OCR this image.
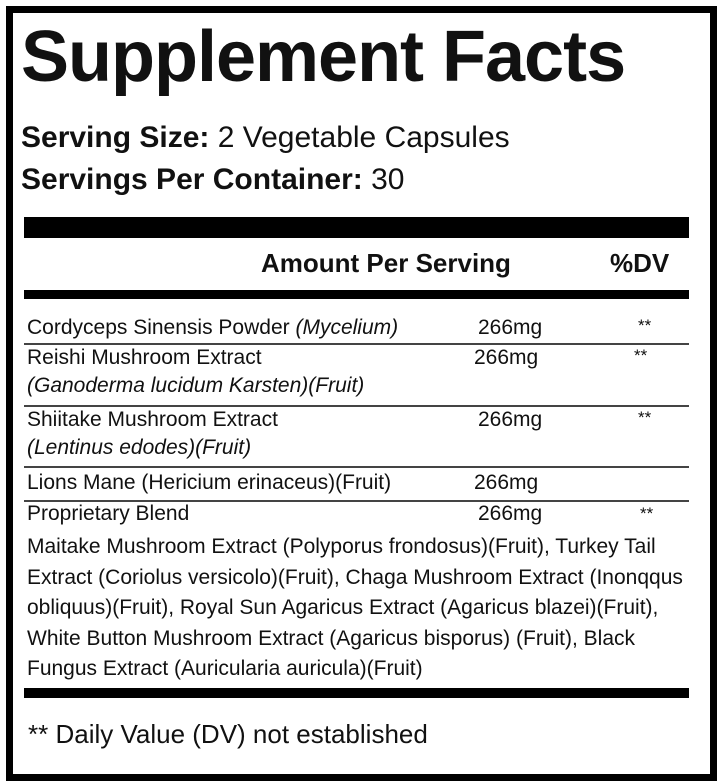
Supplement Facts
Serving Size: 2 Vegetable Capsules
Servings Per Container: 30
Amount Per Serving	%DV
Cordyceps Sinensis Powder (Mycelium)	266mg	**
Reishi Mushroom Extract
(Ganoderma lucidum Karsten)(Fruit)
266mg	**
Shiitake Mushroom Extract
(Lentinus edodes)(Fruit)
266mg	**
Lions Mane (Hericium erinaceus)(Fruit)	266mg
Proprietary Blend	266mg	**
Maitake Mushroom Extract (Polyporus frondosus)(Fruit), Turkey Tail Extract (Coriolus versicolo)(Fruit), Chaga Mushroom Extract (Inonqqus obliquus)(Fruit), Royal Sun Agaricus Extract (Agaricus blazei)(Fruit), White Button Mushroom Extract (Agaricus bisporus) (Fruit), Black Fungus Extract (Auricularia auricula)(Fruit)
** Daily Value (DV) not established
